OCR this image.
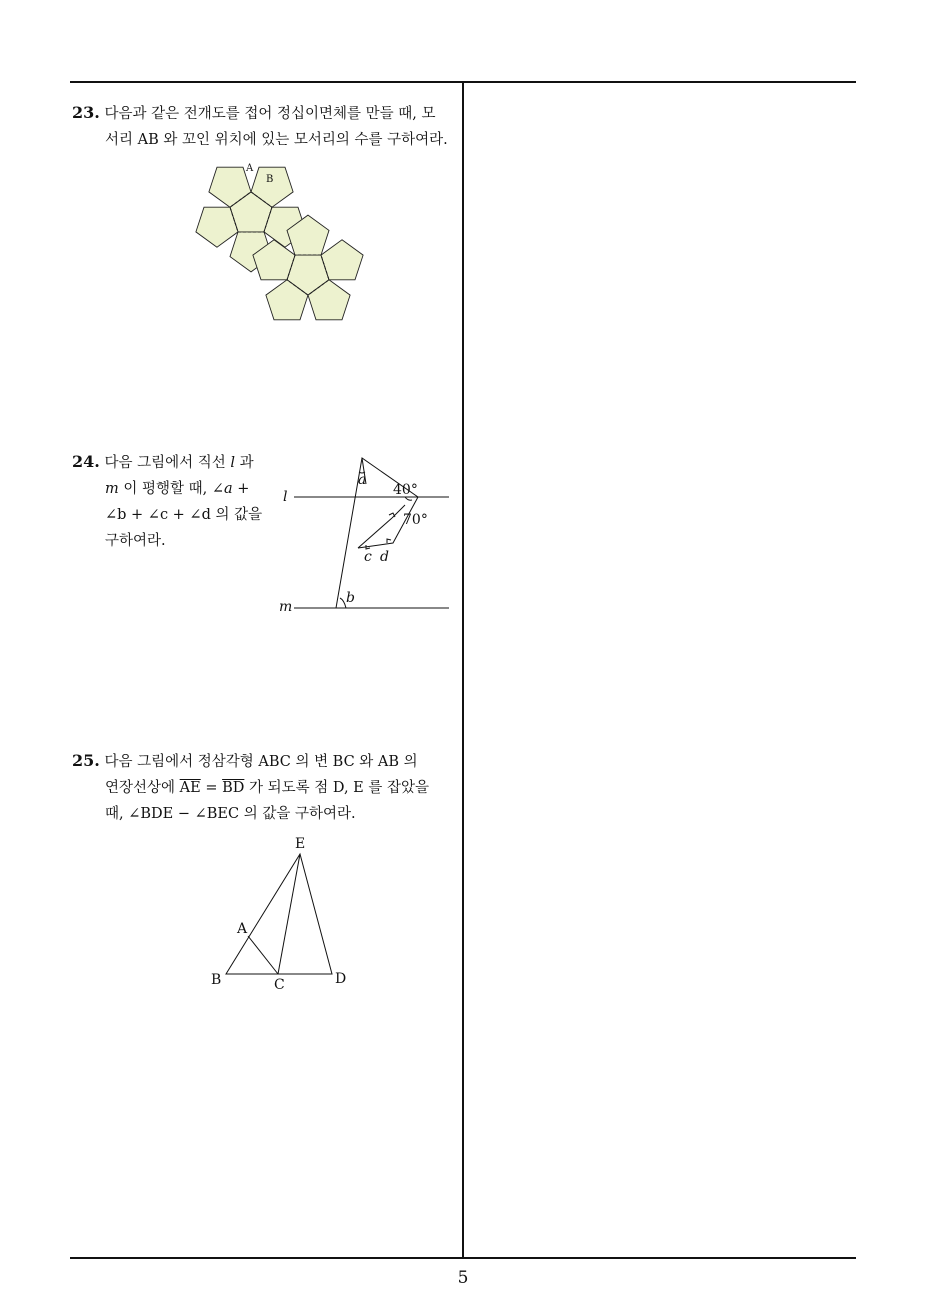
23. 다음과 같은 전개도를 접어 정십이면체를 만들 때, 모
서리 AB 와 꼬인 위치에 있는 모서리의 수를 구하여라.
A
B
24. 다음 그림에서 직선 l 과
m 이 평행할 때, ∠a +
∠b + ∠c + ∠d 의 값을
구하여라.
l
m
a
b
c d
40°
70°
25. 다음 그림에서 정삼각형 ABC 의 변 BC 와 AB 의
연장선상에 $\overline{AE} = \overline{BD}$ 가 되도록 점 D, E 를 잡았을
때, ∠BDE − ∠BEC 의 값을 구하여라.
E
A
B	C	D
5
